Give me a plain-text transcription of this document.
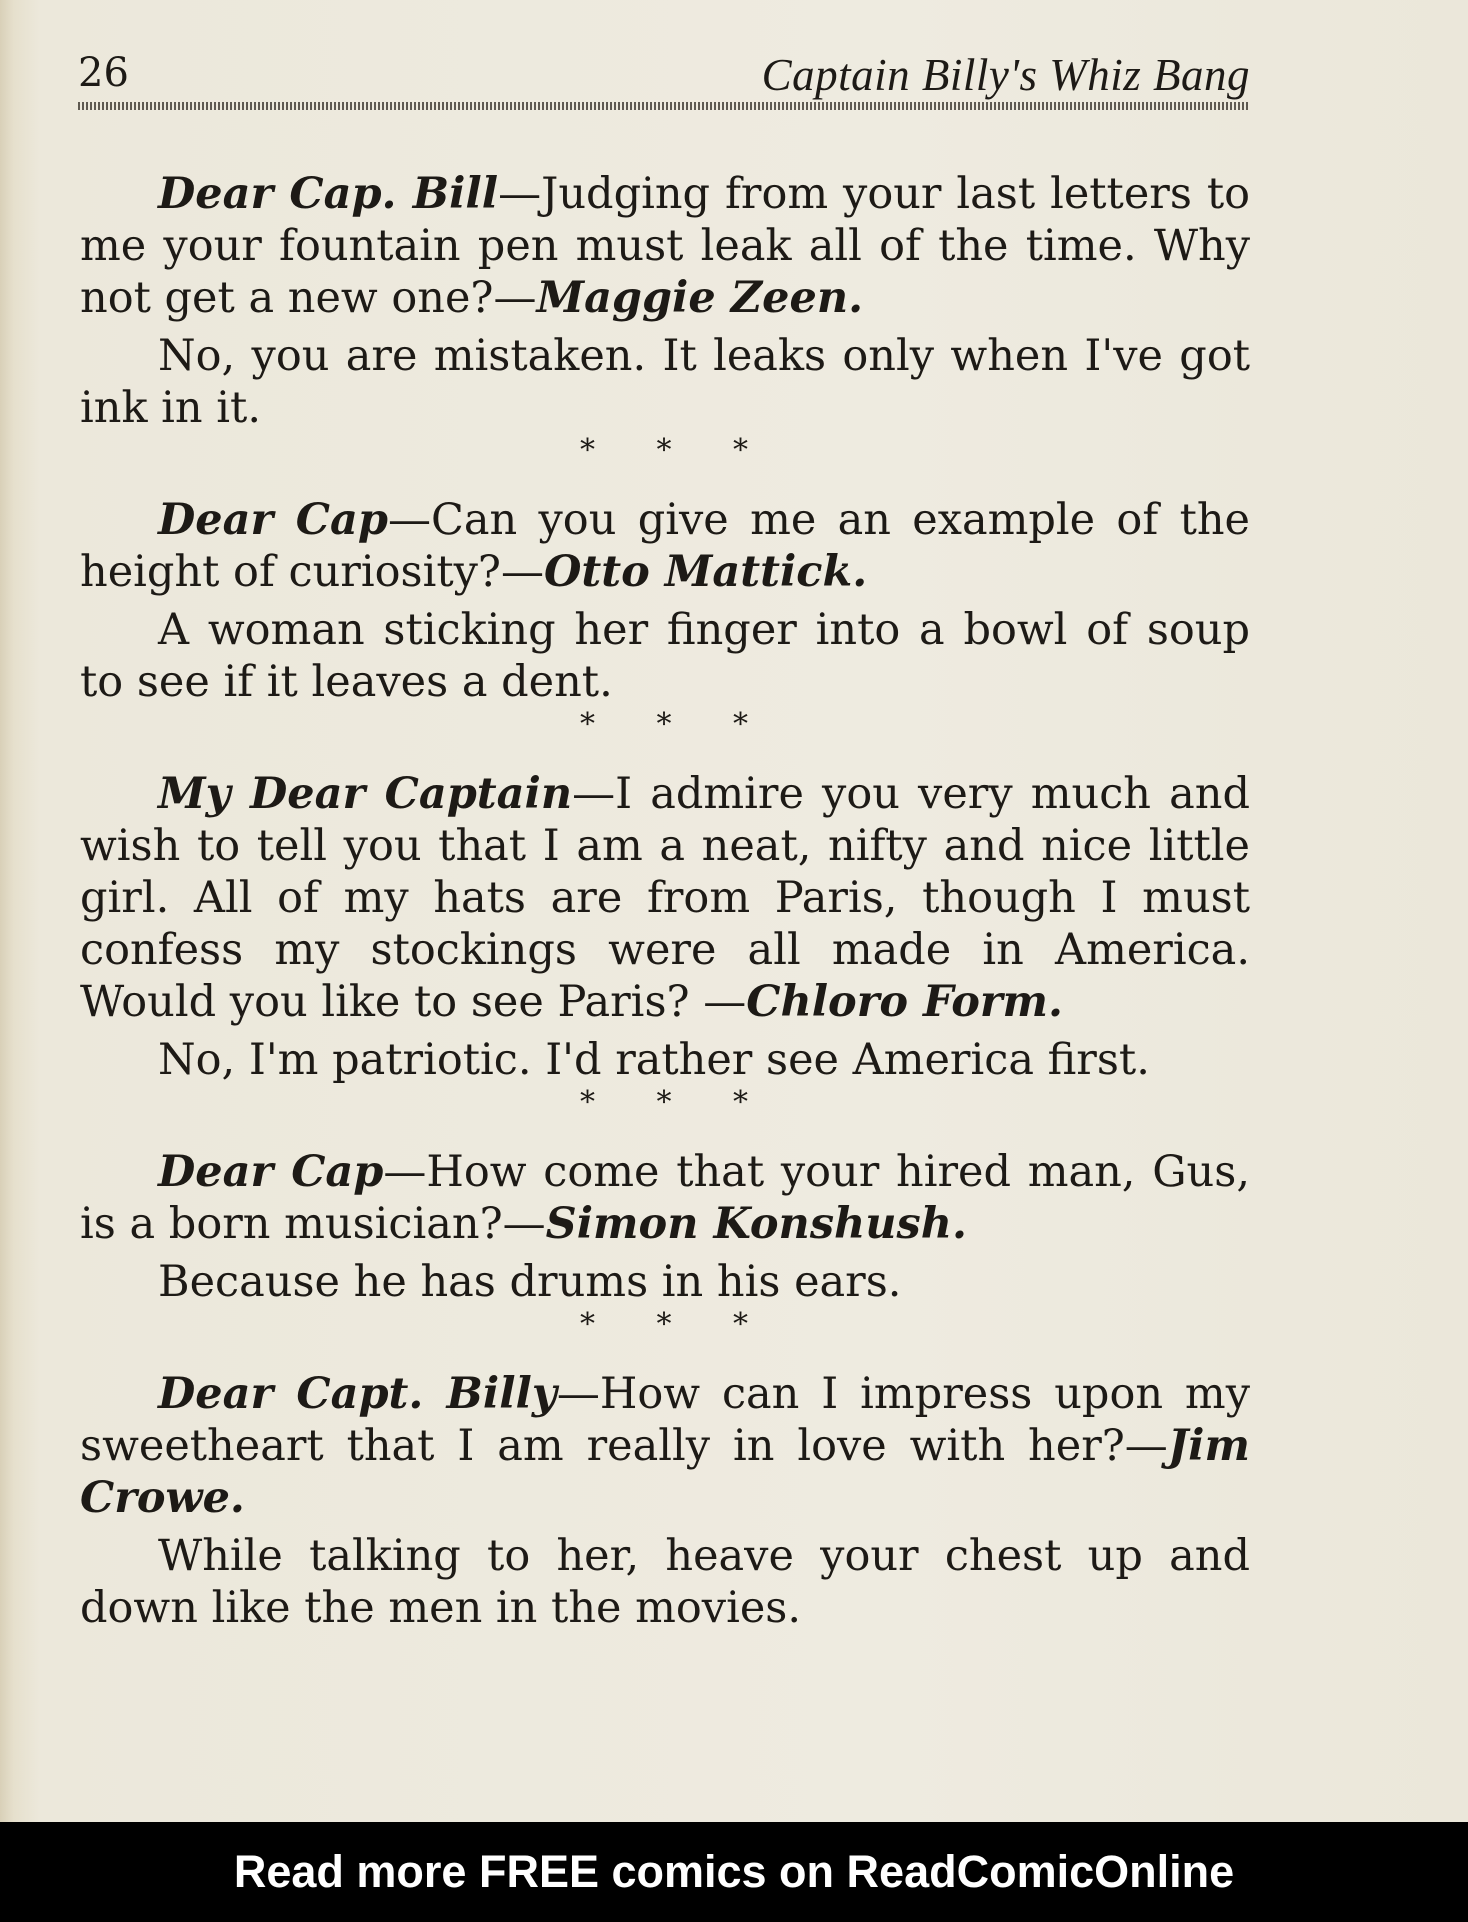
26	Captain Billy's Whiz Bang

Dear Cap. Bill—Judging from your last letters to me your fountain pen must leak all of the time. Why not get a new one?—Maggie Zeen.

No, you are mistaken. It leaks only when I've got ink in it.

* * *

Dear Cap—Can you give me an example of the height of curiosity?—Otto Mattick.

A woman sticking her finger into a bowl of soup to see if it leaves a dent.

* * *

My Dear Captain—I admire you very much and wish to tell you that I am a neat, nifty and nice little girl. All of my hats are from Paris, though I must confess my stockings were all made in America. Would you like to see Paris? —Chloro Form.

No, I'm patriotic. I'd rather see America first.

* * *

Dear Cap—How come that your hired man, Gus, is a born musician?—Simon Konshush.

Because he has drums in his ears.

* * *

Dear Capt. Billy—How can I impress upon my sweetheart that I am really in love with her?—Jim Crowe.

While talking to her, heave your chest up and down like the men in the movies.

Read more FREE comics on ReadComicOnline
